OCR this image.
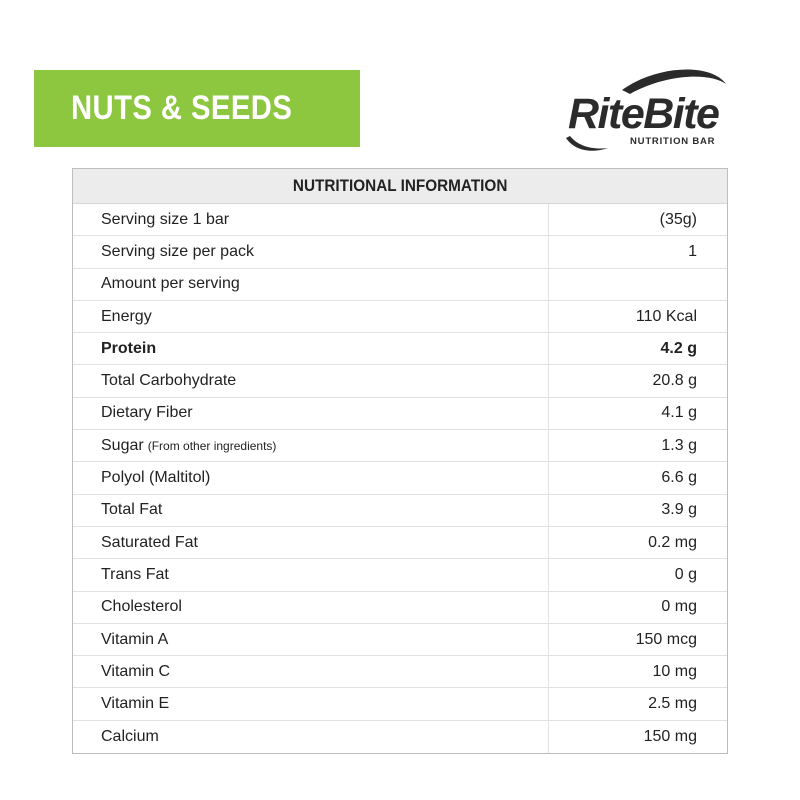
NUTS & SEEDS	RiteBite
NUTRITION BAR
NUTRITIONAL INFORMATION
Serving size 1 bar	(35g)
Serving size per pack	1
Amount per serving
Energy	110 Kcal
Protein	4.2 g
Total Carbohydrate	20.8 g
Dietary Fiber	4.1 g
Sugar (From other ingredients)	1.3 g
Polyol (Maltitol)	6.6 g
Total Fat	3.9 g
Saturated Fat	0.2 mg
Trans Fat	0 g
Cholesterol	0 mg
Vitamin A	150 mcg
Vitamin C	10 mg
Vitamin E	2.5 mg
Calcium	150 mg
